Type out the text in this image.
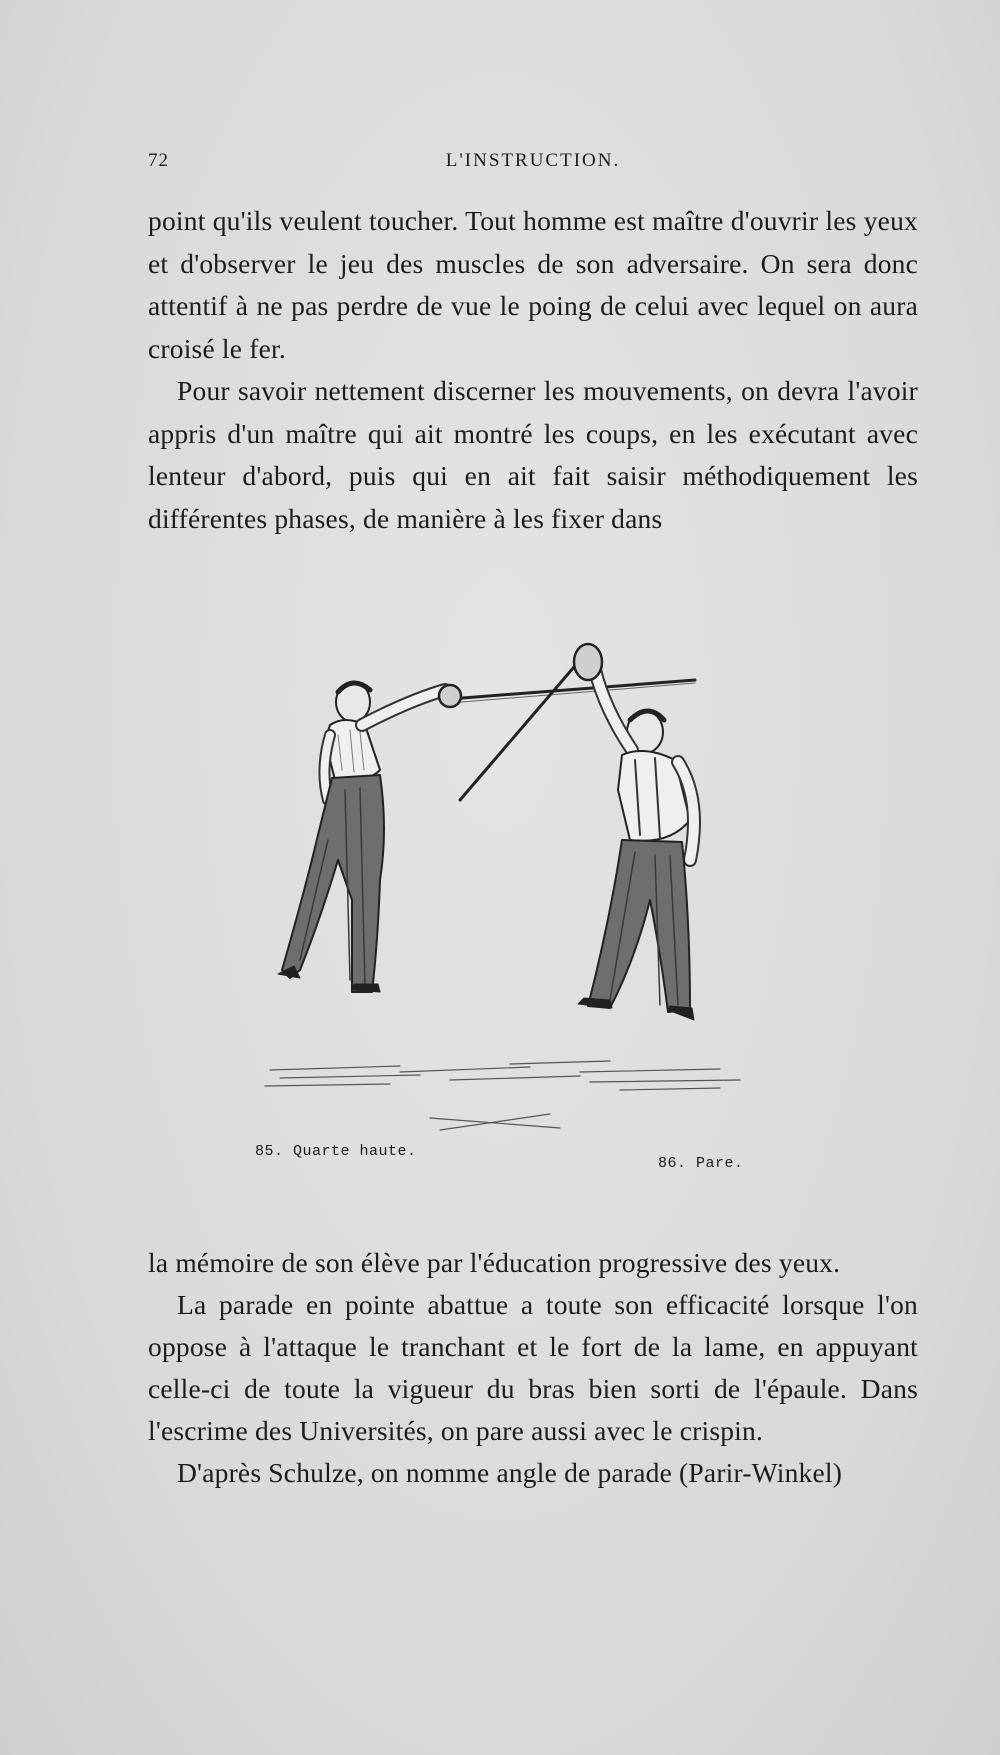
72	L'INSTRUCTION.

point qu'ils veulent toucher. Tout homme est maître d'ouvrir les yeux et d'observer le jeu des muscles de son adversaire. On sera donc attentif à ne pas perdre de vue le poing de celui avec lequel on aura croisé le fer.

Pour savoir nettement discerner les mouvements, on devra l'avoir appris d'un maître qui ait montré les coups, en les exécutant avec lenteur d'abord, puis qui en ait fait saisir méthodiquement les différentes phases, de manière à les fixer dans

85. Quarte haute.
86. Pare.

la mémoire de son élève par l'éducation progressive des yeux.

La parade en pointe abattue a toute son efficacité lorsque l'on oppose à l'attaque le tranchant et le fort de la lame, en appuyant celle-ci de toute la vigueur du bras bien sorti de l'épaule. Dans l'escrime des Universités, on pare aussi avec le crispin.

D'après Schulze, on nomme angle de parade (Parir-Winkel)
